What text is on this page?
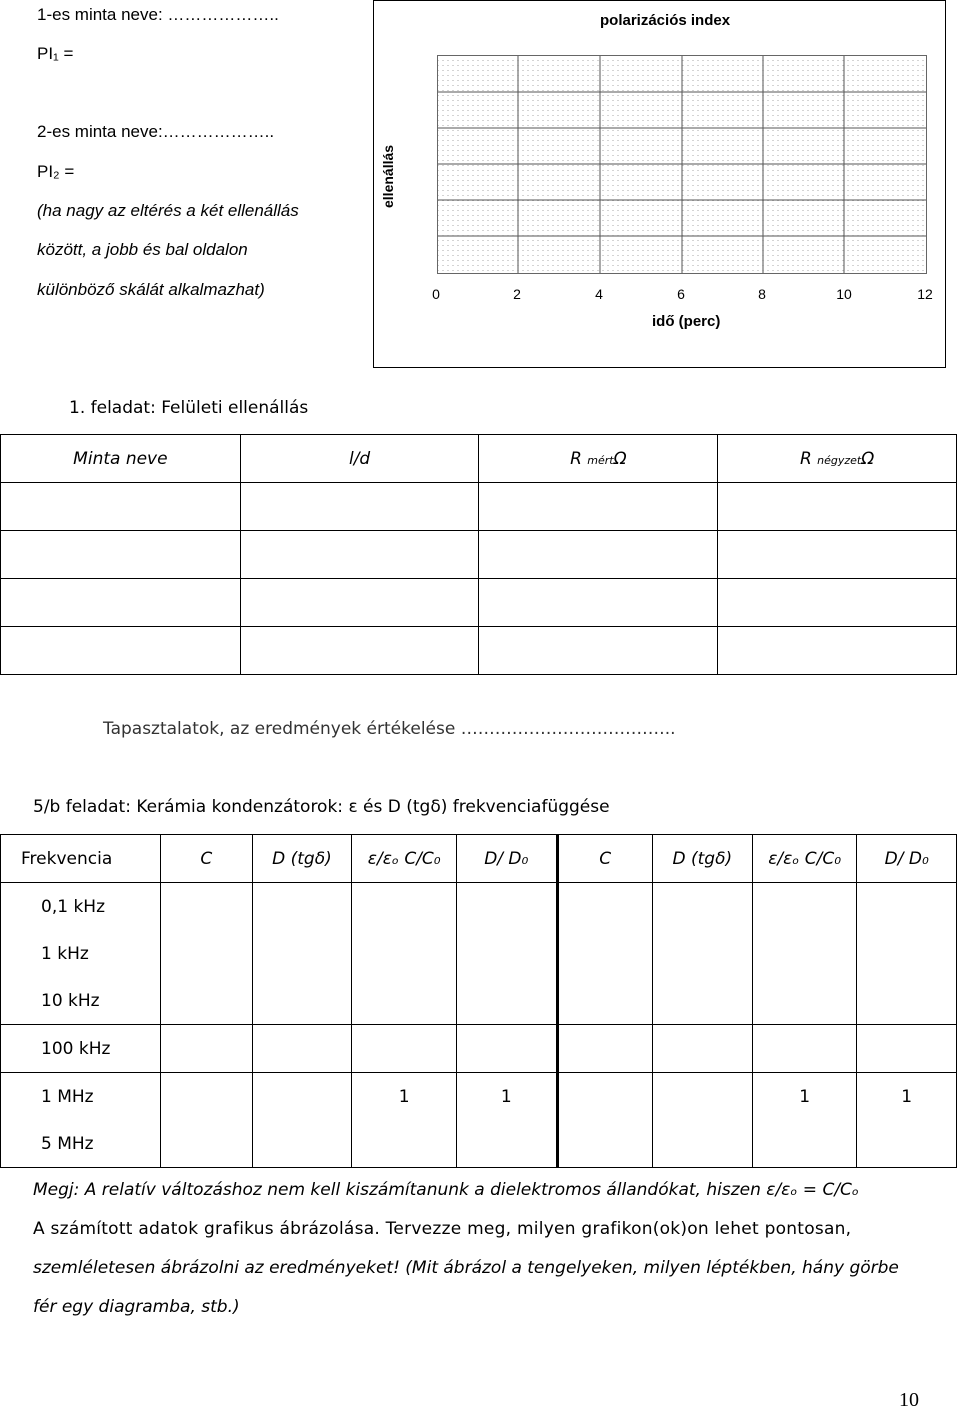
1-es minta neve: ………………..
PI₁ =
2-es minta neve:………………..
PI₂ =
(ha nagy az eltérés a két ellenállás
között, a jobb és bal oldalon
különböző skálát alkalmazhat)
polarizációs index
ellenállás
0	2	4	6	8	10	12
idő (perc)
1. feladat: Felületi ellenállás
Minta neve	l/d	R mértΩ	R négyzetΩ

Tapasztalatok, az eredmények értékelése ………………………………..
5/b feladat: Kerámia kondenzátorok: ε és D (tgδ) frekvenciafüggése
Frekvencia	C	D (tgδ)	ε/εₒ C/C₀	D/ D₀	C	D (tgδ)	ε/εₒ C/C₀	D/ D₀
0,1 kHz								
1 kHz								
10 kHz								
100 kHz								
1 MHz			1	1			1	1
5 MHz								
Megj: A relatív változáshoz nem kell kiszámítanunk a dielektromos állandókat, hiszen ε/εₒ = C/Cₒ
A számított adatok grafikus ábrázolása. Tervezze meg, milyen grafikon(ok)on lehet pontosan,
szemléletesen ábrázolni az eredményeket! (Mit ábrázol a tengelyeken, milyen léptékben, hány görbe
fér egy diagramba, stb.)
10
